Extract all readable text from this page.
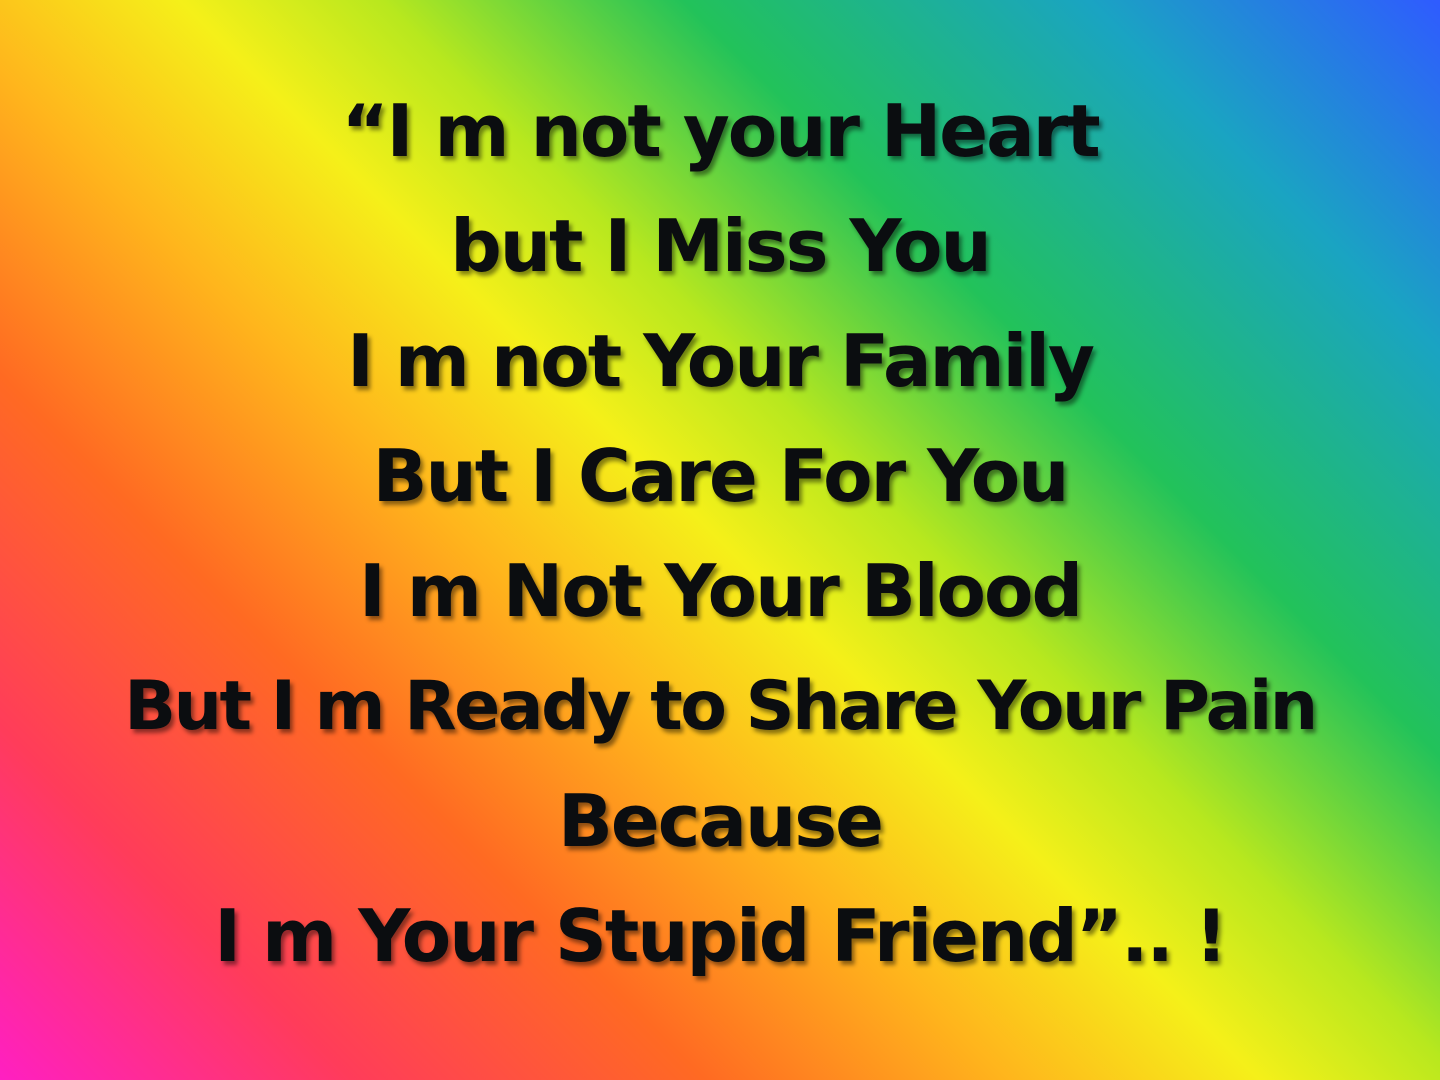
“I m not your Heart
but I Miss You
I m not Your Family
But I Care For You
I m Not Your Blood
But I m Ready to Share Your Pain
Because
I m Your Stupid Friend”.. !
